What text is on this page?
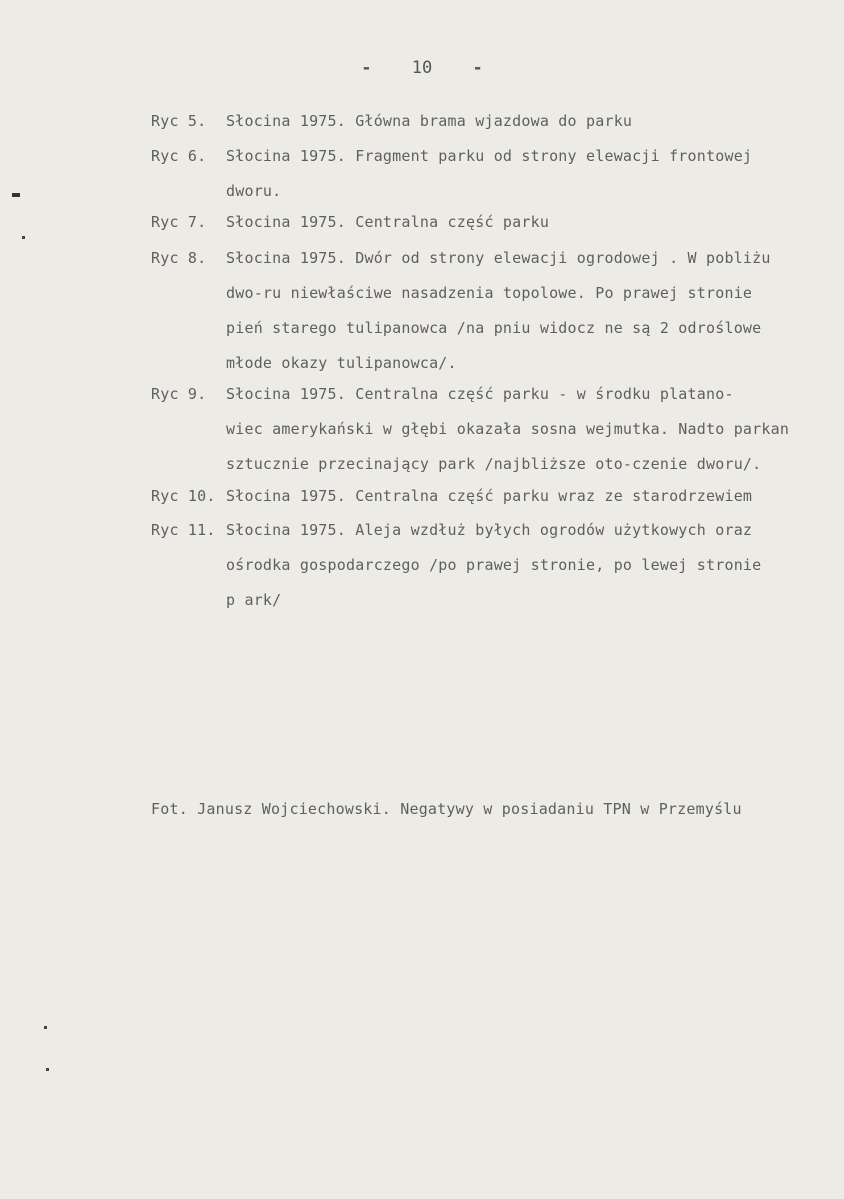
- 10 -
Ryc 5. Słocina 1975. Główna brama wjazdowa do parku
Ryc 6. Słocina 1975. Fragment parku od strony elewacji frontowej
dworu.
Ryc 7. Słocina 1975. Centralna część parku
Ryc 8. Słocina 1975. Dwór od strony elewacji ogrodowej . W pobliżu
dwo-ru niewłaściwe nasadzenia topolowe. Po prawej stronie
pień starego tulipanowca /na pniu widocz ne są 2 odroślowe
młode okazy tulipanowca/.
Ryc 9. Słocina 1975. Centralna część parku - w środku platano-
wiec amerykański w głębi okazała sosna wejmutka. Nadto parkan
sztucznie przecinający park /najbliższe oto-czenie dworu/.
Ryc 10. Słocina 1975. Centralna część parku wraz ze starodrzewiem
Ryc 11. Słocina 1975. Aleja wzdłuż byłych ogrodów użytkowych oraz
ośrodka gospodarczego /po prawej stronie, po lewej stronie
p ark/
Fot. Janusz Wojciechowski. Negatywy w posiadaniu TPN w Przemyślu
